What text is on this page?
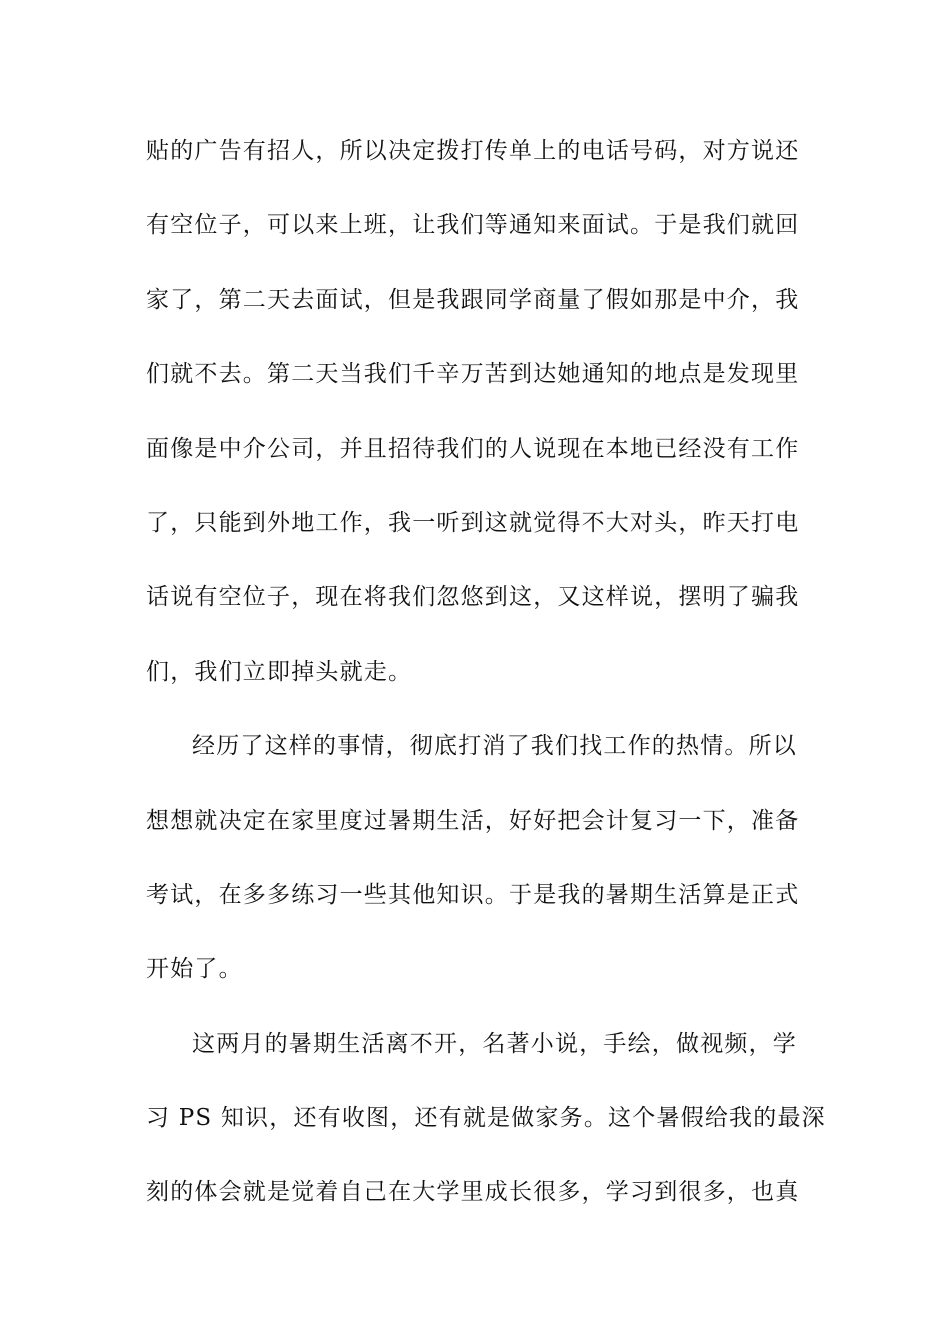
贴的广告有招人，所以决定拨打传单上的电话号码，对方说还
有空位子，可以来上班，让我们等通知来面试。于是我们就回
家了，第二天去面试，但是我跟同学商量了假如那是中介，我
们就不去。第二天当我们千辛万苦到达她通知的地点是发现里
面像是中介公司，并且招待我们的人说现在本地已经没有工作
了，只能到外地工作，我一听到这就觉得不大对头，昨天打电
话说有空位子，现在将我们忽悠到这，又这样说，摆明了骗我
们，我们立即掉头就走。
经历了这样的事情，彻底打消了我们找工作的热情。所以
想想就决定在家里度过暑期生活，好好把会计复习一下，准备
考试，在多多练习一些其他知识。于是我的暑期生活算是正式
开始了。
这两月的暑期生活离不开，名著小说，手绘，做视频，学
习 PS 知识，还有收图，还有就是做家务。这个暑假给我的最深
刻的体会就是觉着自己在大学里成长很多，学习到很多，也真
